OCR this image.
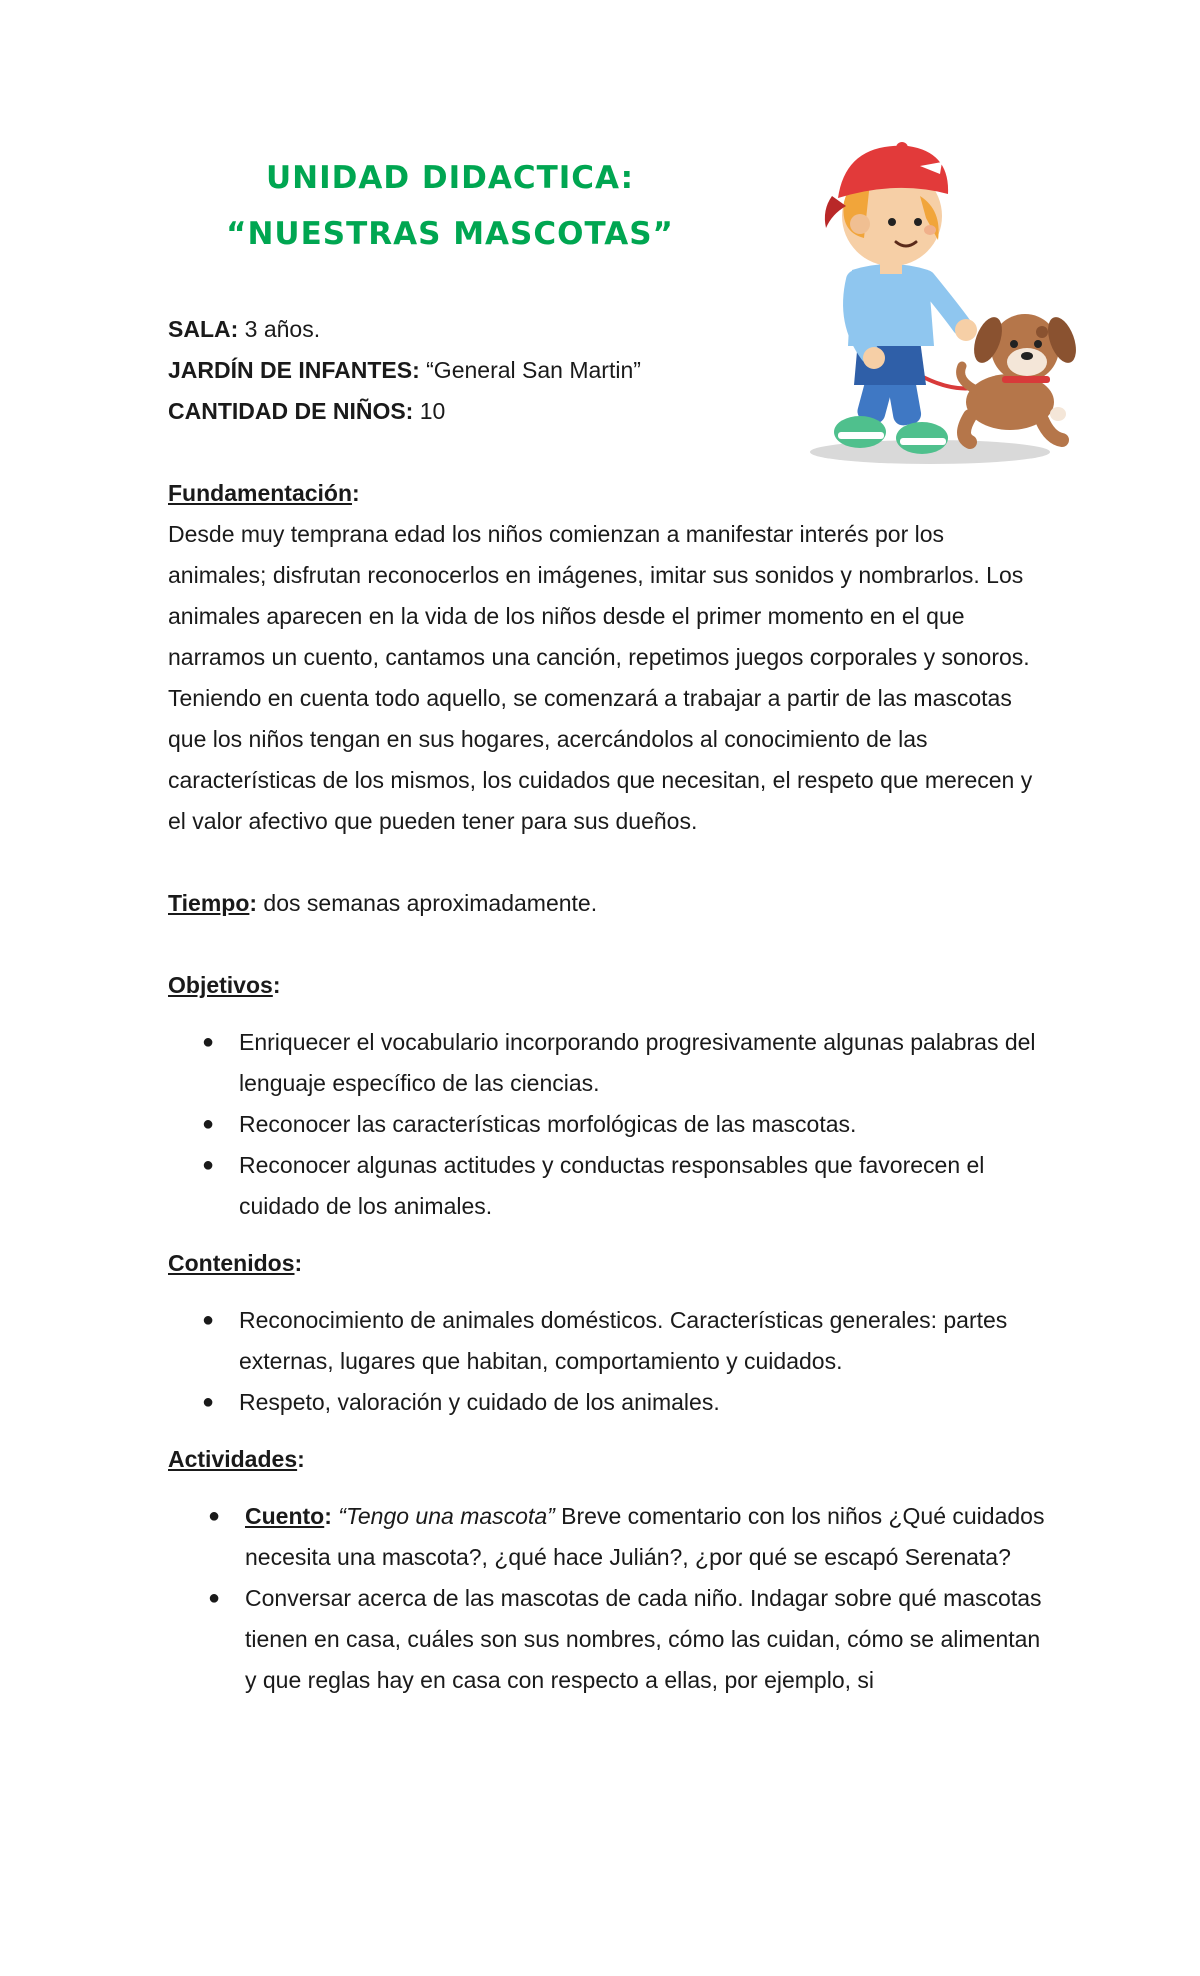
UNIDAD DIDACTICA:
“NUESTRAS MASCOTAS”

SALA: 3 años.

JARDÍN DE INFANTES: “General San Martin”

CANTIDAD DE NIÑOS: 10

Fundamentación:

Desde muy temprana edad los niños comienzan a manifestar interés por los animales; disfrutan reconocerlos en imágenes, imitar sus sonidos y nombrarlos. Los animales aparecen en la vida de los niños desde el primer momento en el que narramos un cuento, cantamos una canción, repetimos juegos corporales y sonoros.

Teniendo en cuenta todo aquello, se comenzará a trabajar a partir de las mascotas que los niños tengan en sus hogares, acercándolos al conocimiento de las características de los mismos, los cuidados que necesitan, el respeto que merecen y el valor afectivo que pueden tener para sus dueños.

Tiempo: dos semanas aproximadamente.

Objetivos:

● Enriquecer el vocabulario incorporando progresivamente algunas palabras del lenguaje específico de las ciencias.
● Reconocer las características morfológicas de las mascotas.
● Reconocer algunas actitudes y conductas responsables que favorecen el cuidado de los animales.

Contenidos:

● Reconocimiento de animales domésticos. Características generales: partes externas, lugares que habitan, comportamiento y cuidados.
● Respeto, valoración y cuidado de los animales.

Actividades:

● Cuento: “Tengo una mascota” Breve comentario con los niños ¿Qué cuidados necesita una mascota?, ¿qué hace Julián?, ¿por qué se escapó Serenata?
● Conversar acerca de las mascotas de cada niño. Indagar sobre qué mascotas tienen en casa, cuáles son sus nombres, cómo las cuidan, cómo se alimentan y que reglas hay en casa con respecto a ellas, por ejemplo, si
